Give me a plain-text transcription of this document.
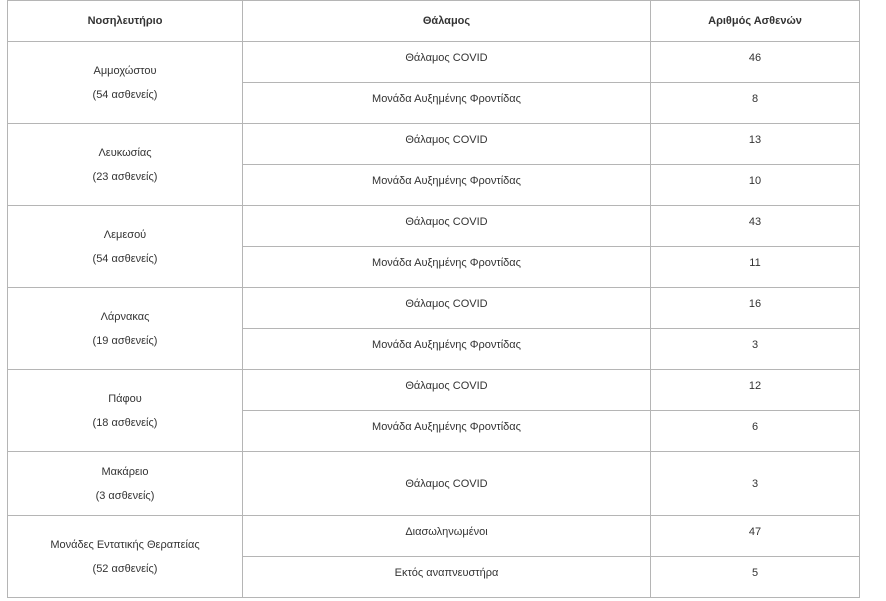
Νοσηλευτήριο	Θάλαμος	Αριθμός Ασθενών

Αμμοχώστου
(54 ασθενείς)	Θάλαμος COVID	46

	Μονάδα Αυξημένης Φροντίδας	8

Λευκωσίας
(23 ασθενείς)	Θάλαμος COVID	13

	Μονάδα Αυξημένης Φροντίδας	10

Λεμεσού
(54 ασθενείς)	Θάλαμος COVID	43

	Μονάδα Αυξημένης Φροντίδας	11

Λάρνακας
(19 ασθενείς)	Θάλαμος COVID	16

	Μονάδα Αυξημένης Φροντίδας	3

Πάφου
(18 ασθενείς)	Θάλαμος COVID	12

	Μονάδα Αυξημένης Φροντίδας	6

Μακάρειο
(3 ασθενείς)	Θάλαμος COVID	3

Μονάδες Εντατικής Θεραπείας
(52 ασθενείς)	Διασωληνωμένοι	47

	Εκτός αναπνευστήρα	5
